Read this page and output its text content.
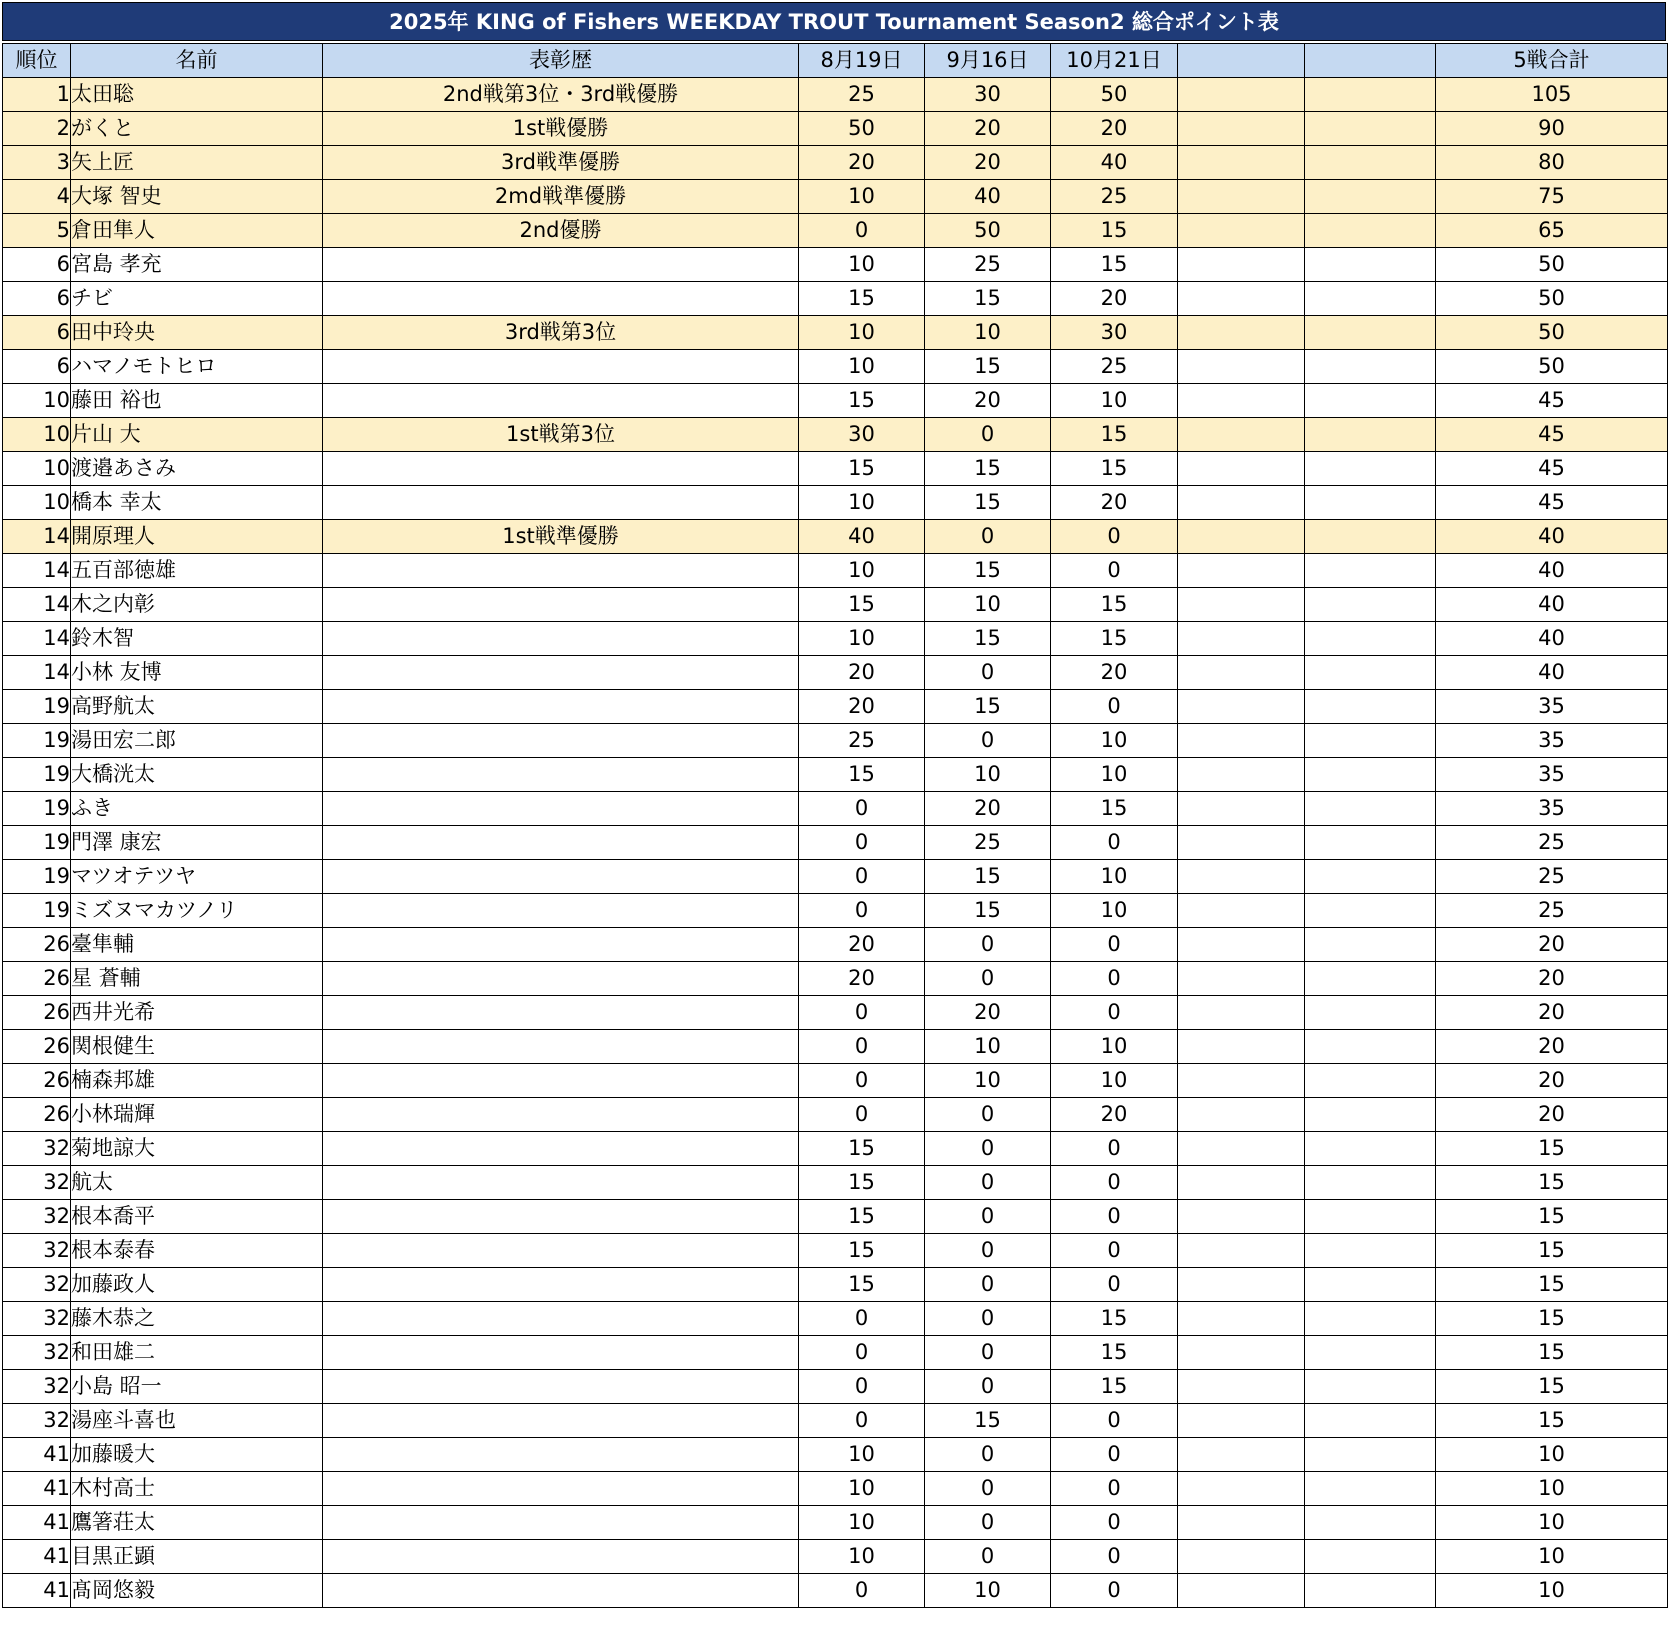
2025年 KING of Fishers WEEKDAY TROUT Tournament Season2 総合ポイント表
順位	名前	表彰歴	8月19日	9月16日	10月21日			5戦合計
1	太田聡	2nd戦第3位・3rd戦優勝	25	30	50			105
2	がくと	1st戦優勝	50	20	20			90
3	矢上匠	3rd戦準優勝	20	20	40			80
4	大塚 智史	2md戦準優勝	10	40	25			75
5	倉田隼人	2nd優勝	0	50	15			65
6	宮島 孝充		10	25	15			50
6	チビ		15	15	20			50
6	田中玲央	3rd戦第3位	10	10	30			50
6	ハマノモトヒロ		10	15	25			50
10	藤田 裕也		15	20	10			45
10	片山 大	1st戦第3位	30	0	15			45
10	渡邉あさみ		15	15	15			45
10	橋本 幸太		10	15	20			45
14	開原理人	1st戦準優勝	40	0	0			40
14	五百部徳雄		10	15	0			40
14	木之内彰		15	10	15			40
14	鈴木智		10	15	15			40
14	小林 友博		20	0	20			40
19	高野航太		20	15	0			35
19	湯田宏二郎		25	0	10			35
19	大橋洸太		15	10	10			35
19	ふき		0	20	15			35
19	門澤 康宏		0	25	0			25
19	マツオテツヤ		0	15	10			25
19	ミズヌマカツノリ		0	15	10			25
26	臺隼輔		20	0	0			20
26	星 蒼輔		20	0	0			20
26	西井光希		0	20	0			20
26	関根健生		0	10	10			20
26	楠森邦雄		0	10	10			20
26	小林瑞輝		0	0	20			20
32	菊地諒大		15	0	0			15
32	航太		15	0	0			15
32	根本喬平		15	0	0			15
32	根本泰春		15	0	0			15
32	加藤政人		15	0	0			15
32	藤木恭之		0	0	15			15
32	和田雄二		0	0	15			15
32	小島 昭一		0	0	15			15
32	湯座斗喜也		0	15	0			15
41	加藤暖大		10	0	0			10
41	木村高士		10	0	0			10
41	鷹箸荘太		10	0	0			10
41	目黒正顕		10	0	0			10
41	髙岡悠毅		0	10	0			10
